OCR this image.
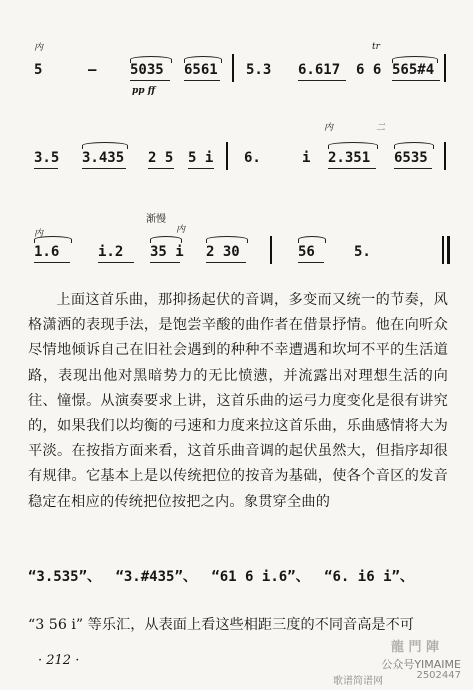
内
5	– 5035 6561 5.3 6.617 6 6 565#4
pp ff
tr
内	二
3.5 3.435 2 5 5 i 6.	i 2.351 6535
渐慢
内
内
1.6	i.2 35 i 2 30	56	5.

上面这首乐曲，那抑扬起伏的音调，多变而又统一的节奏，风格潇洒的表现手法，是饱尝辛酸的曲作者在借景抒情。他在向听众尽情地倾诉自己在旧社会遇到的种种不幸遭遇和坎坷不平的生活道路，表现出他对黑暗势力的无比愤懑，并流露出对理想生活的向往、憧憬。从演奏要求上讲，这首乐曲的运弓力度变化是很有讲究的，如果我们以均衡的弓速和力度来拉这首乐曲，乐曲感情将大为平淡。在按指方面来看，这首乐曲音调的起伏虽然大，但指序却很有规律。它基本上是以传统把位的按音为基础，使各个音区的发音稳定在相应的传统把位按把之内。象贯穿全曲的

“3.535”、 “3.#435”、 “61 6 i.6”、 “6. i6 i”、
“3 56 i” 等乐汇，从表面上看这些相距三度的不同音高是不可
· 212 ·
龍 門 陣
公众号YIMAIME
歌谱简谱网
2502447
